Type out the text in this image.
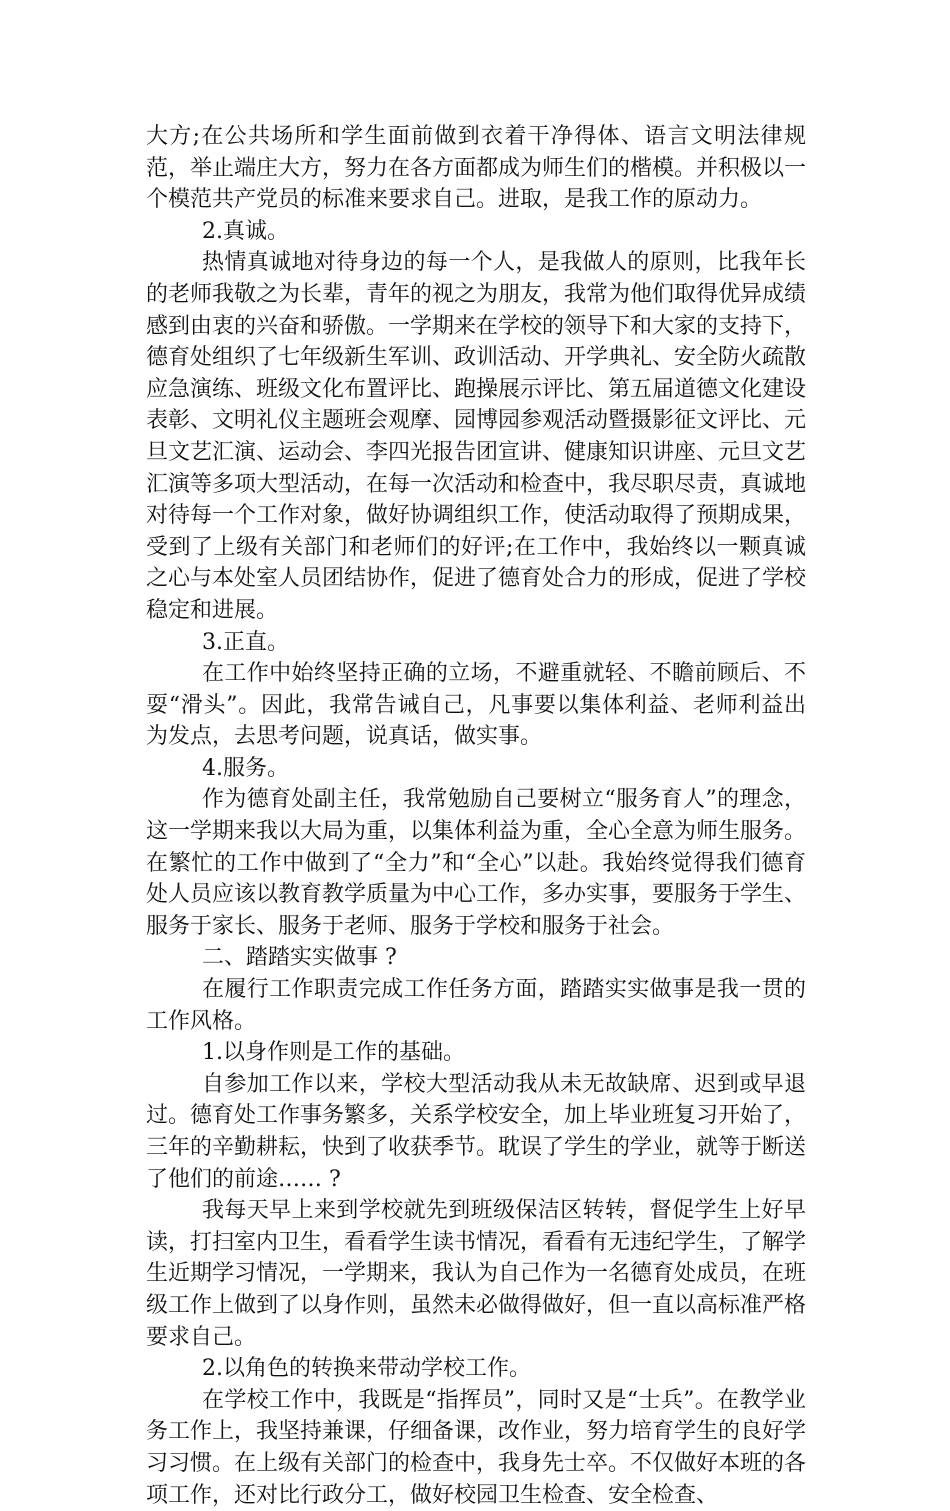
大方;在公共场所和学生面前做到衣着干净得体、语言文明法律规范，举止端庄大方，努力在各方面都成为师生们的楷模。并积极以一个模范共产党员的标准来要求自己。进取，是我工作的原动力。

2.真诚。

热情真诚地对待身边的每一个人，是我做人的原则，比我年长的老师我敬之为长辈，青年的视之为朋友，我常为他们取得优异成绩感到由衷的兴奋和骄傲。一学期来在学校的领导下和大家的支持下，德育处组织了七年级新生军训、政训活动、开学典礼、安全防火疏散应急演练、班级文化布置评比、跑操展示评比、第五届道德文化建设表彰、文明礼仪主题班会观摩、园博园参观活动暨摄影征文评比、元旦文艺汇演、运动会、李四光报告团宣讲、健康知识讲座、元旦文艺汇演等多项大型活动，在每一次活动和检查中，我尽职尽责，真诚地对待每一个工作对象，做好协调组织工作，使活动取得了预期成果，受到了上级有关部门和老师们的好评;在工作中，我始终以一颗真诚之心与本处室人员团结协作，促进了德育处合力的形成，促进了学校稳定和进展。

3.正直。

在工作中始终坚持正确的立场，不避重就轻、不瞻前顾后、不耍“滑头”。因此，我常告诫自己，凡事要以集体利益、老师利益出为发点，去思考问题，说真话，做实事。

4.服务。

作为德育处副主任，我常勉励自己要树立“服务育人”的理念，这一学期来我以大局为重，以集体利益为重，全心全意为师生服务。在繁忙的工作中做到了“全力”和“全心”以赴。我始终觉得我们德育处人员应该以教育教学质量为中心工作，多办实事，要服务于学生、服务于家长、服务于老师、服务于学校和服务于社会。

二、踏踏实实做事 ?

在履行工作职责完成工作任务方面，踏踏实实做事是我一贯的工作风格。

1.以身作则是工作的基础。

自参加工作以来，学校大型活动我从未无故缺席、迟到或早退过。德育处工作事务繁多，关系学校安全，加上毕业班复习开始了，三年的辛勤耕耘，快到了收获季节。耽误了学生的学业，就等于断送了他们的前途…… ?

我每天早上来到学校就先到班级保洁区转转，督促学生上好早读，打扫室内卫生，看看学生读书情况，看看有无违纪学生，了解学生近期学习情况，一学期来，我认为自己作为一名德育处成员，在班级工作上做到了以身作则，虽然未必做得做好，但一直以高标准严格要求自己。

2.以角色的转换来带动学校工作。

在学校工作中，我既是“指挥员”，同时又是“士兵”。在教学业务工作上，我坚持兼课，仔细备课，改作业，努力培育学生的良好学习习惯。在上级有关部门的检查中，我身先士卒。不仅做好本班的各项工作，还对比行政分工，做好校园卫生检查、安全检查、
